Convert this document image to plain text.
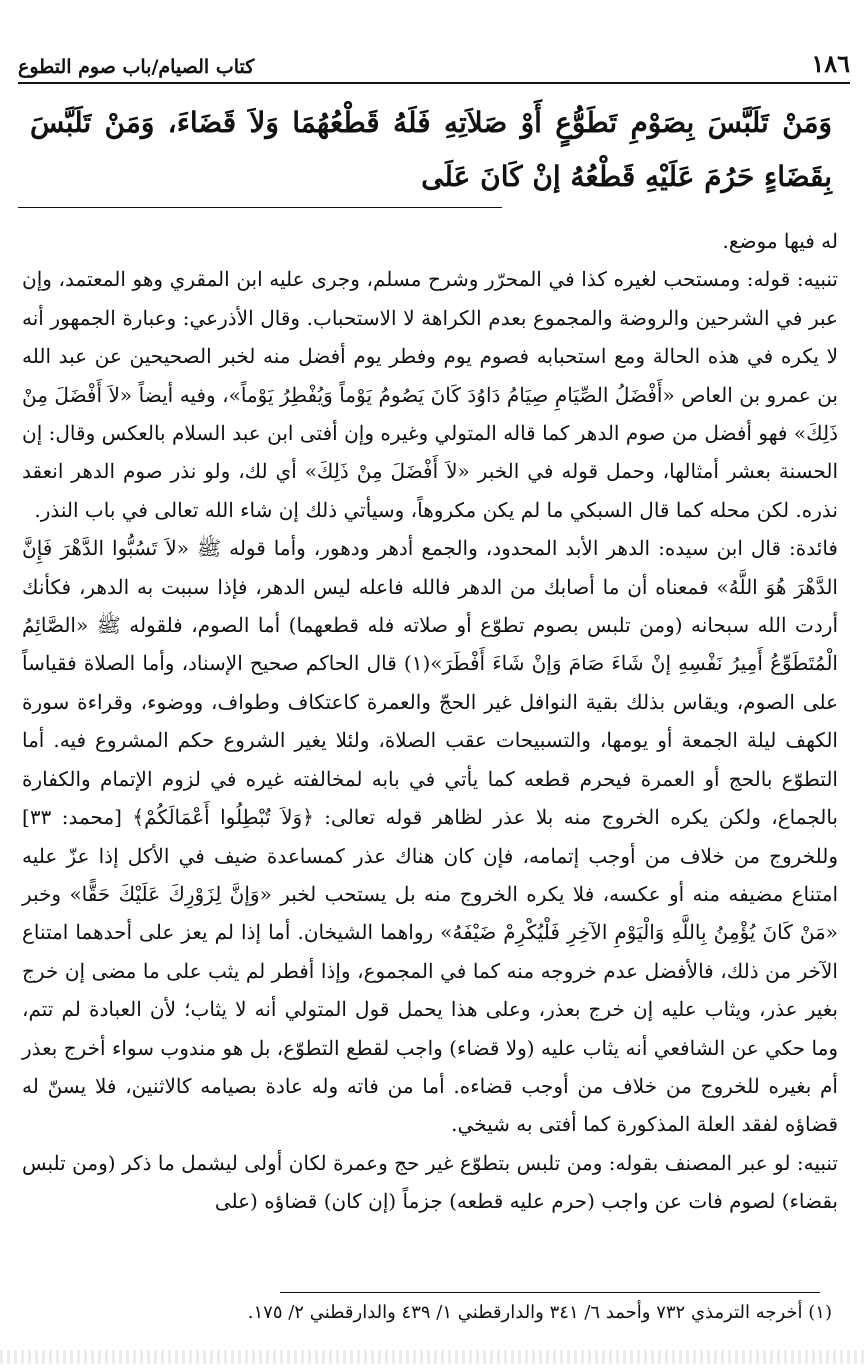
١٨٦
كتاب الصيام/باب صوم التطوع
وَمَنْ تَلَبَّسَ بِصَوْمِ تَطَوُّعٍ أَوْ صَلاَتِهِ فَلَهُ قَطْعُهُمَا وَلاَ قَضَاءَ، وَمَنْ تَلَبَّسَ بِقَضَاءٍ حَرُمَ عَلَيْهِ قَطْعُهُ إنْ كَانَ عَلَى

له فيها موضع.

تنبيه: قوله: ومستحب لغيره كذا في المحرّر وشرح مسلم، وجرى عليه ابن المقري وهو المعتمد، وإن عبر في الشرحين والروضة والمجموع بعدم الكراهة لا الاستحباب. وقال الأذرعي: وعبارة الجمهور أنه لا يكره في هذه الحالة ومع استحبابه فصوم يوم وفطر يوم أفضل منه لخبر الصحيحين عن عبد الله بن عمرو بن العاص «أَفْضَلُ الصِّيَامِ صِيَامُ دَاوُدَ كَانَ يَصُومُ يَوْماً وَيُفْطِرُ يَوْماً»، وفيه أيضاً «لاَ أَفْضَلَ مِنْ ذَلِكَ» فهو أفضل من صوم الدهر كما قاله المتولي وغيره وإن أفتى ابن عبد السلام بالعكس وقال: إن الحسنة بعشر أمثالها، وحمل قوله في الخبر «لاَ أَفْضَلَ مِنْ ذَلِكَ» أي لك، ولو نذر صوم الدهر انعقد نذره. لكن محله كما قال السبكي ما لم يكن مكروهاً، وسيأتي ذلك إن شاء الله تعالى في باب النذر.

فائدة: قال ابن سيده: الدهر الأبد المحدود، والجمع أدهر ودهور، وأما قوله ﷺ «لاَ تَسُبُّوا الدَّهْرَ فَإِنَّ الدَّهْرَ هُوَ اللَّهُ» فمعناه أن ما أصابك من الدهر فالله فاعله ليس الدهر، فإذا سببت به الدهر، فكأنك أردت الله سبحانه (ومن تلبس بصوم تطوّع أو صلاته فله قطعهما) أما الصوم، فلقوله ﷺ «الصَّائِمُ الْمُتَطَوِّعُ أَمِيرُ نَفْسِهِ إنْ شَاءَ صَامَ وَإنْ شَاءَ أَفْطَرَ»(١) قال الحاكم صحيح الإسناد، وأما الصلاة فقياساً على الصوم، ويقاس بذلك بقية النوافل غير الحجّ والعمرة كاعتكاف وطواف، ووضوء، وقراءة سورة الكهف ليلة الجمعة أو يومها، والتسبيحات عقب الصلاة، ولئلا يغير الشروع حكم المشروع فيه. أما التطوّع بالحج أو العمرة فيحرم قطعه كما يأتي في بابه لمخالفته غيره في لزوم الإتمام والكفارة بالجماع، ولكن يكره الخروج منه بلا عذر لظاهر قوله تعالى: ﴿وَلاَ تُبْطِلُوا أَعْمَالَكُمْ﴾ [محمد: ٣٣] وللخروج من خلاف من أوجب إتمامه، فإن كان هناك عذر كمساعدة ضيف في الأكل إذا عزّ عليه امتناع مضيفه منه أو عكسه، فلا يكره الخروج منه بل يستحب لخبر «وَإنَّ لِزَوْرِكَ عَلَيْكَ حَقًّا» وخبر «مَنْ كَانَ يُؤْمِنُ بِاللَّهِ وَالْيَوْمِ الآخِرِ فَلْيُكْرِمْ ضَيْفَهُ» رواهما الشيخان. أما إذا لم يعز على أحدهما امتناع الآخر من ذلك، فالأفضل عدم خروجه منه كما في المجموع، وإذا أفطر لم يثب على ما مضى إن خرج بغير عذر، ويثاب عليه إن خرج بعذر، وعلى هذا يحمل قول المتولي أنه لا يثاب؛ لأن العبادة لم تتم، وما حكي عن الشافعي أنه يثاب عليه (ولا قضاء) واجب لقطع التطوّع، بل هو مندوب سواء أخرج بعذر أم بغيره للخروج من خلاف من أوجب قضاءه. أما من فاته وله عادة بصيامه كالاثنين، فلا يسنّ له قضاؤه لفقد العلة المذكورة كما أفتى به شيخي.

تنبيه: لو عبر المصنف بقوله: ومن تلبس بتطوّع غير حج وعمرة لكان أولى ليشمل ما ذكر (ومن تلبس بقضاء) لصوم فات عن واجب (حرم عليه قطعه) جزماً (إن كان) قضاؤه (على

(١) أخرجه الترمذي ٧٣٢ وأحمد ٦/ ٣٤١ والدارقطني ١/ ٤٣٩ والدارقطني ٢/ ١٧٥.
